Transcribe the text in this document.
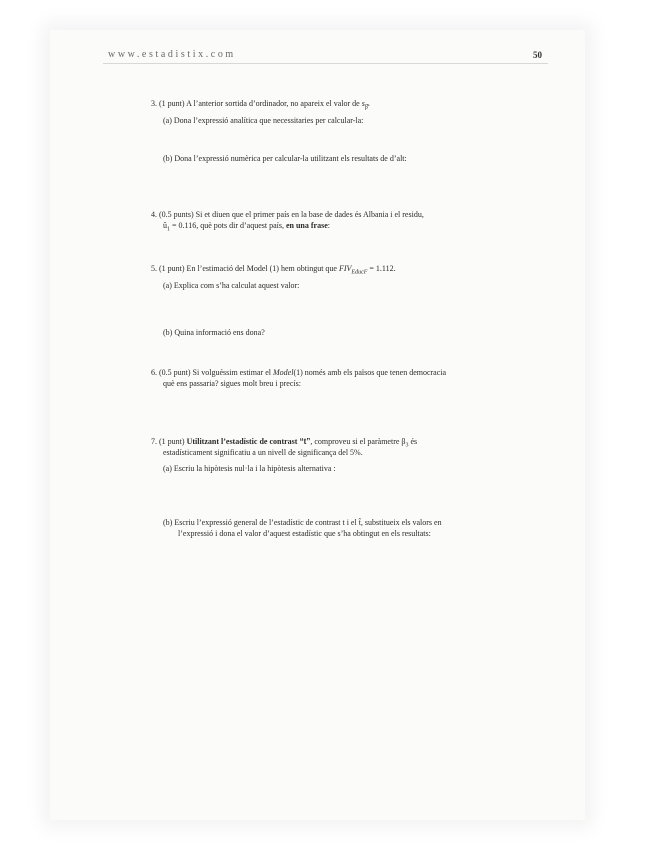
www.estadistix.com	50
3. (1 punt) A l’anterior sortida d’ordinador, no apareix el valor de $s_{\betâ}$.
(a) Dona l’expressió analítica que necessitaries per calcular-la:
(b) Dona l’expressió numèrica per calcular-la utilitzant els resultats de d’alt:
4. (0.5 punts) Si et diuen que el primer país en la base de dades és Albania i el residu,
$û_1 = 0.116$, què pots dir d’aquest país, en una frase:
5. (1 punt) En l’estimació del Model (1) hem obtingut que $FIV_{EducF} = 1.112$.
(a) Explica com s’ha calculat aquest valor:
(b) Quina informació ens dona?
6. (0.5 punt) Si volguéssim estimar el Model(1) només amb els països que tenen democracia
què ens passaria? sigues molt breu i precís:
7. (1 punt) Utilitzant l’estadístic de contrast “t”, comproveu si el paràmetre $\beta_3$ és
estadísticament significatiu a un nivell de significança del 5%.
(a) Escriu la hipòtesis nul·la i la hipòtesis alternativa :
(b) Escriu l’expressió general de l’estadístic de contrast t i el t̂, substitueix els valors en
l’expressió i dona el valor d’aquest estadístic que s’ha obtingut en els resultats:
